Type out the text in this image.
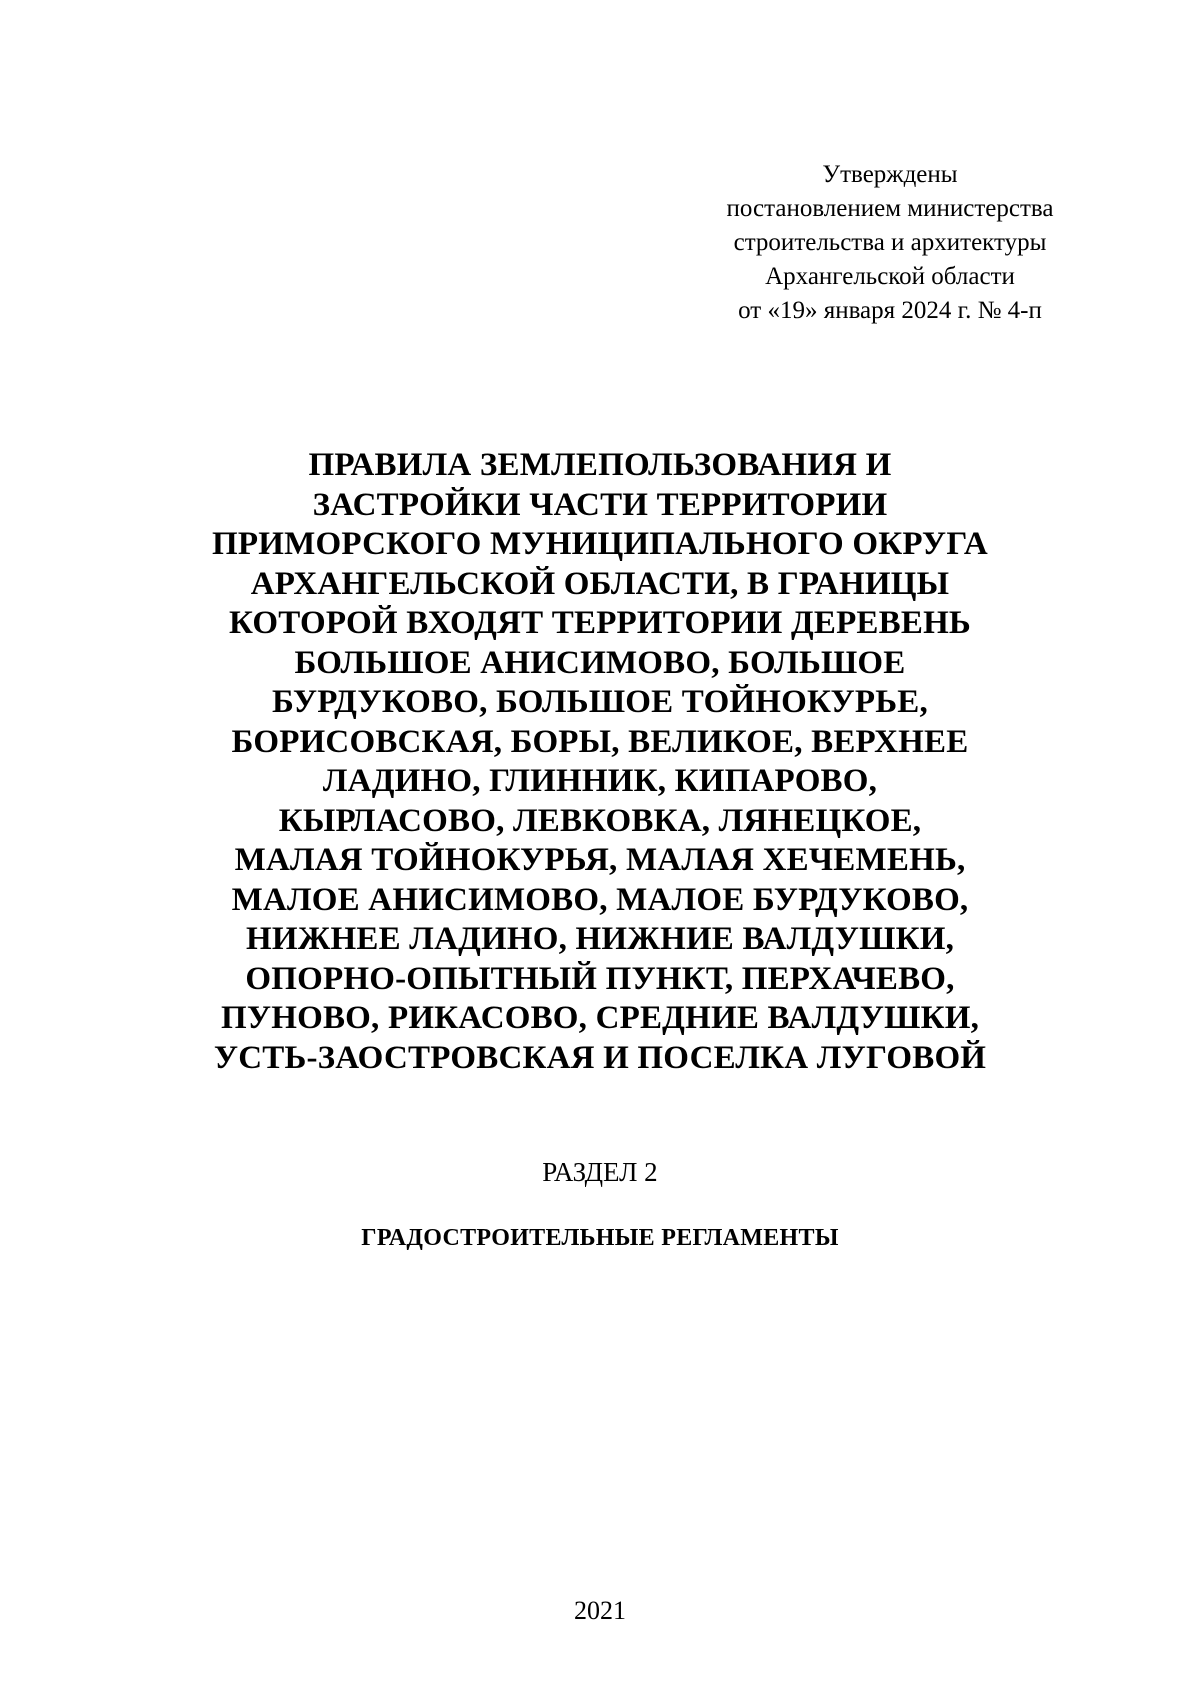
Утверждены
постановлением министерства
строительства и архитектуры
Архангельской области
от «19» января 2024 г. № 4-п
ПРАВИЛА ЗЕМЛЕПОЛЬЗОВАНИЯ И
ЗАСТРОЙКИ ЧАСТИ ТЕРРИТОРИИ
ПРИМОРСКОГО МУНИЦИПАЛЬНОГО ОКРУГА
АРХАНГЕЛЬСКОЙ ОБЛАСТИ, В ГРАНИЦЫ
КОТОРОЙ ВХОДЯТ ТЕРРИТОРИИ ДЕРЕВЕНЬ
БОЛЬШОЕ АНИСИМОВО, БОЛЬШОЕ
БУРДУКОВО, БОЛЬШОЕ ТОЙНОКУРЬЕ,
БОРИСОВСКАЯ, БОРЫ, ВЕЛИКОЕ, ВЕРХНЕЕ
ЛАДИНО, ГЛИННИК, КИПАРОВО,
КЫРЛАСОВО, ЛЕВКОВКА, ЛЯНЕЦКОЕ,
МАЛАЯ ТОЙНОКУРЬЯ, МАЛАЯ ХЕЧЕМЕНЬ,
МАЛОЕ АНИСИМОВО, МАЛОЕ БУРДУКОВО,
НИЖНЕЕ ЛАДИНО, НИЖНИЕ ВАЛДУШКИ,
ОПОРНО-ОПЫТНЫЙ ПУНКТ, ПЕРХАЧЕВО,
ПУНОВО, РИКАСОВО, СРЕДНИЕ ВАЛДУШКИ,
УСТЬ-ЗАОСТРОВСКАЯ И ПОСЕЛКА ЛУГОВОЙ
РАЗДЕЛ 2
ГРАДОСТРОИТЕЛЬНЫЕ РЕГЛАМЕНТЫ
2021
